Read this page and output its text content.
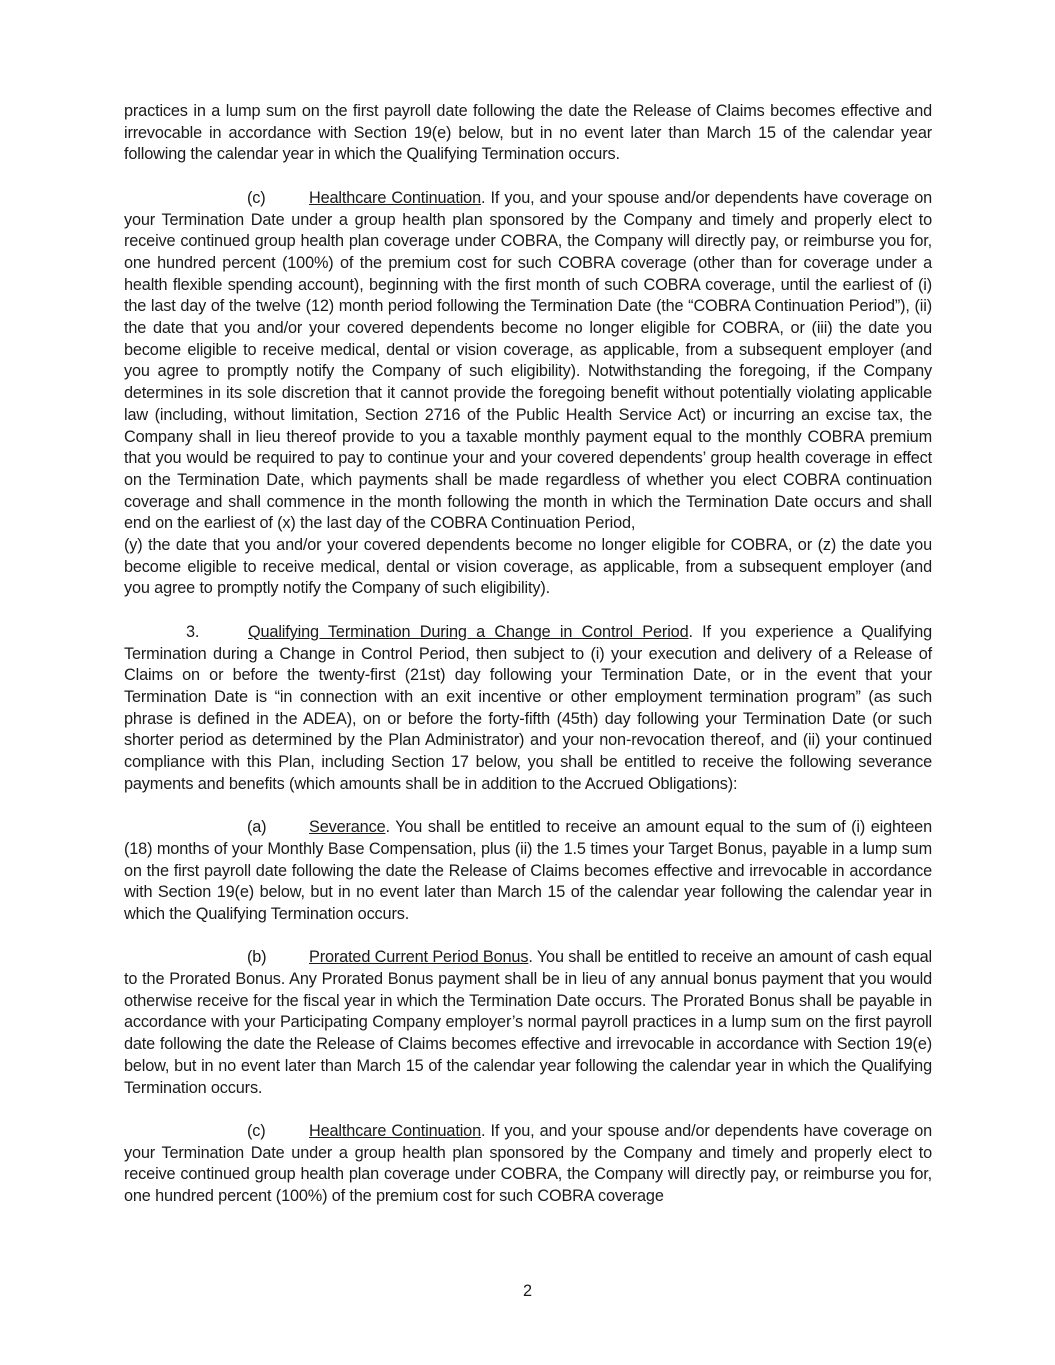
practices in a lump sum on the first payroll date following the date the Release of Claims becomes effective and irrevocable in accordance with Section 19(e) below, but in no event later than March 15 of the calendar year following the calendar year in which the Qualifying Termination occurs.

(c)	Healthcare Continuation. If you, and your spouse and/or dependents have coverage on your Termination Date under a group health plan sponsored by the Company and timely and properly elect to receive continued group health plan coverage under COBRA, the Company will directly pay, or reimburse you for, one hundred percent (100%) of the premium cost for such COBRA coverage (other than for coverage under a health flexible spending account), beginning with the first month of such COBRA coverage, until the earliest of (i) the last day of the twelve (12) month period following the Termination Date (the “COBRA Continuation Period”), (ii) the date that you and/or your covered dependents become no longer eligible for COBRA, or (iii) the date you become eligible to receive medical, dental or vision coverage, as applicable, from a subsequent employer (and you agree to promptly notify the Company of such eligibility). Notwithstanding the foregoing, if the Company determines in its sole discretion that it cannot provide the foregoing benefit without potentially violating applicable law (including, without limitation, Section 2716 of the Public Health Service Act) or incurring an excise tax, the Company shall in lieu thereof provide to you a taxable monthly payment equal to the monthly COBRA premium that you would be required to pay to continue your and your covered dependents’ group health coverage in effect on the Termination Date, which payments shall be made regardless of whether you elect COBRA continuation coverage and shall commence in the month following the month in which the Termination Date occurs and shall end on the earliest of (x) the last day of the COBRA Continuation Period,

(y) the date that you and/or your covered dependents become no longer eligible for COBRA, or (z) the date you become eligible to receive medical, dental or vision coverage, as applicable, from a subsequent employer (and you agree to promptly notify the Company of such eligibility).

3.	Qualifying Termination During a Change in Control Period. If you experience a Qualifying Termination during a Change in Control Period, then subject to (i) your execution and delivery of a Release of Claims on or before the twenty-first (21st) day following your Termination Date, or in the event that your Termination Date is “in connection with an exit incentive or other employment termination program” (as such phrase is defined in the ADEA), on or before the forty-fifth (45th) day following your Termination Date (or such shorter period as determined by the Plan Administrator) and your non-revocation thereof, and (ii) your continued compliance with this Plan, including Section 17 below, you shall be entitled to receive the following severance payments and benefits (which amounts shall be in addition to the Accrued Obligations):

(a)	Severance. You shall be entitled to receive an amount equal to the sum of (i) eighteen (18) months of your Monthly Base Compensation, plus (ii) the 1.5 times your Target Bonus, payable in a lump sum on the first payroll date following the date the Release of Claims becomes effective and irrevocable in accordance with Section 19(e) below, but in no event later than March 15 of the calendar year following the calendar year in which the Qualifying Termination occurs.

(b)	Prorated Current Period Bonus. You shall be entitled to receive an amount of cash equal to the Prorated Bonus. Any Prorated Bonus payment shall be in lieu of any annual bonus payment that you would otherwise receive for the fiscal year in which the Termination Date occurs. The Prorated Bonus shall be payable in accordance with your Participating Company employer’s normal payroll practices in a lump sum on the first payroll date following the date the Release of Claims becomes effective and irrevocable in accordance with Section 19(e) below, but in no event later than March 15 of the calendar year following the calendar year in which the Qualifying Termination occurs.

(c)	Healthcare Continuation. If you, and your spouse and/or dependents have coverage on your Termination Date under a group health plan sponsored by the Company and timely and properly elect to receive continued group health plan coverage under COBRA, the Company will directly pay, or reimburse you for, one hundred percent (100%) of the premium cost for such COBRA coverage

2
